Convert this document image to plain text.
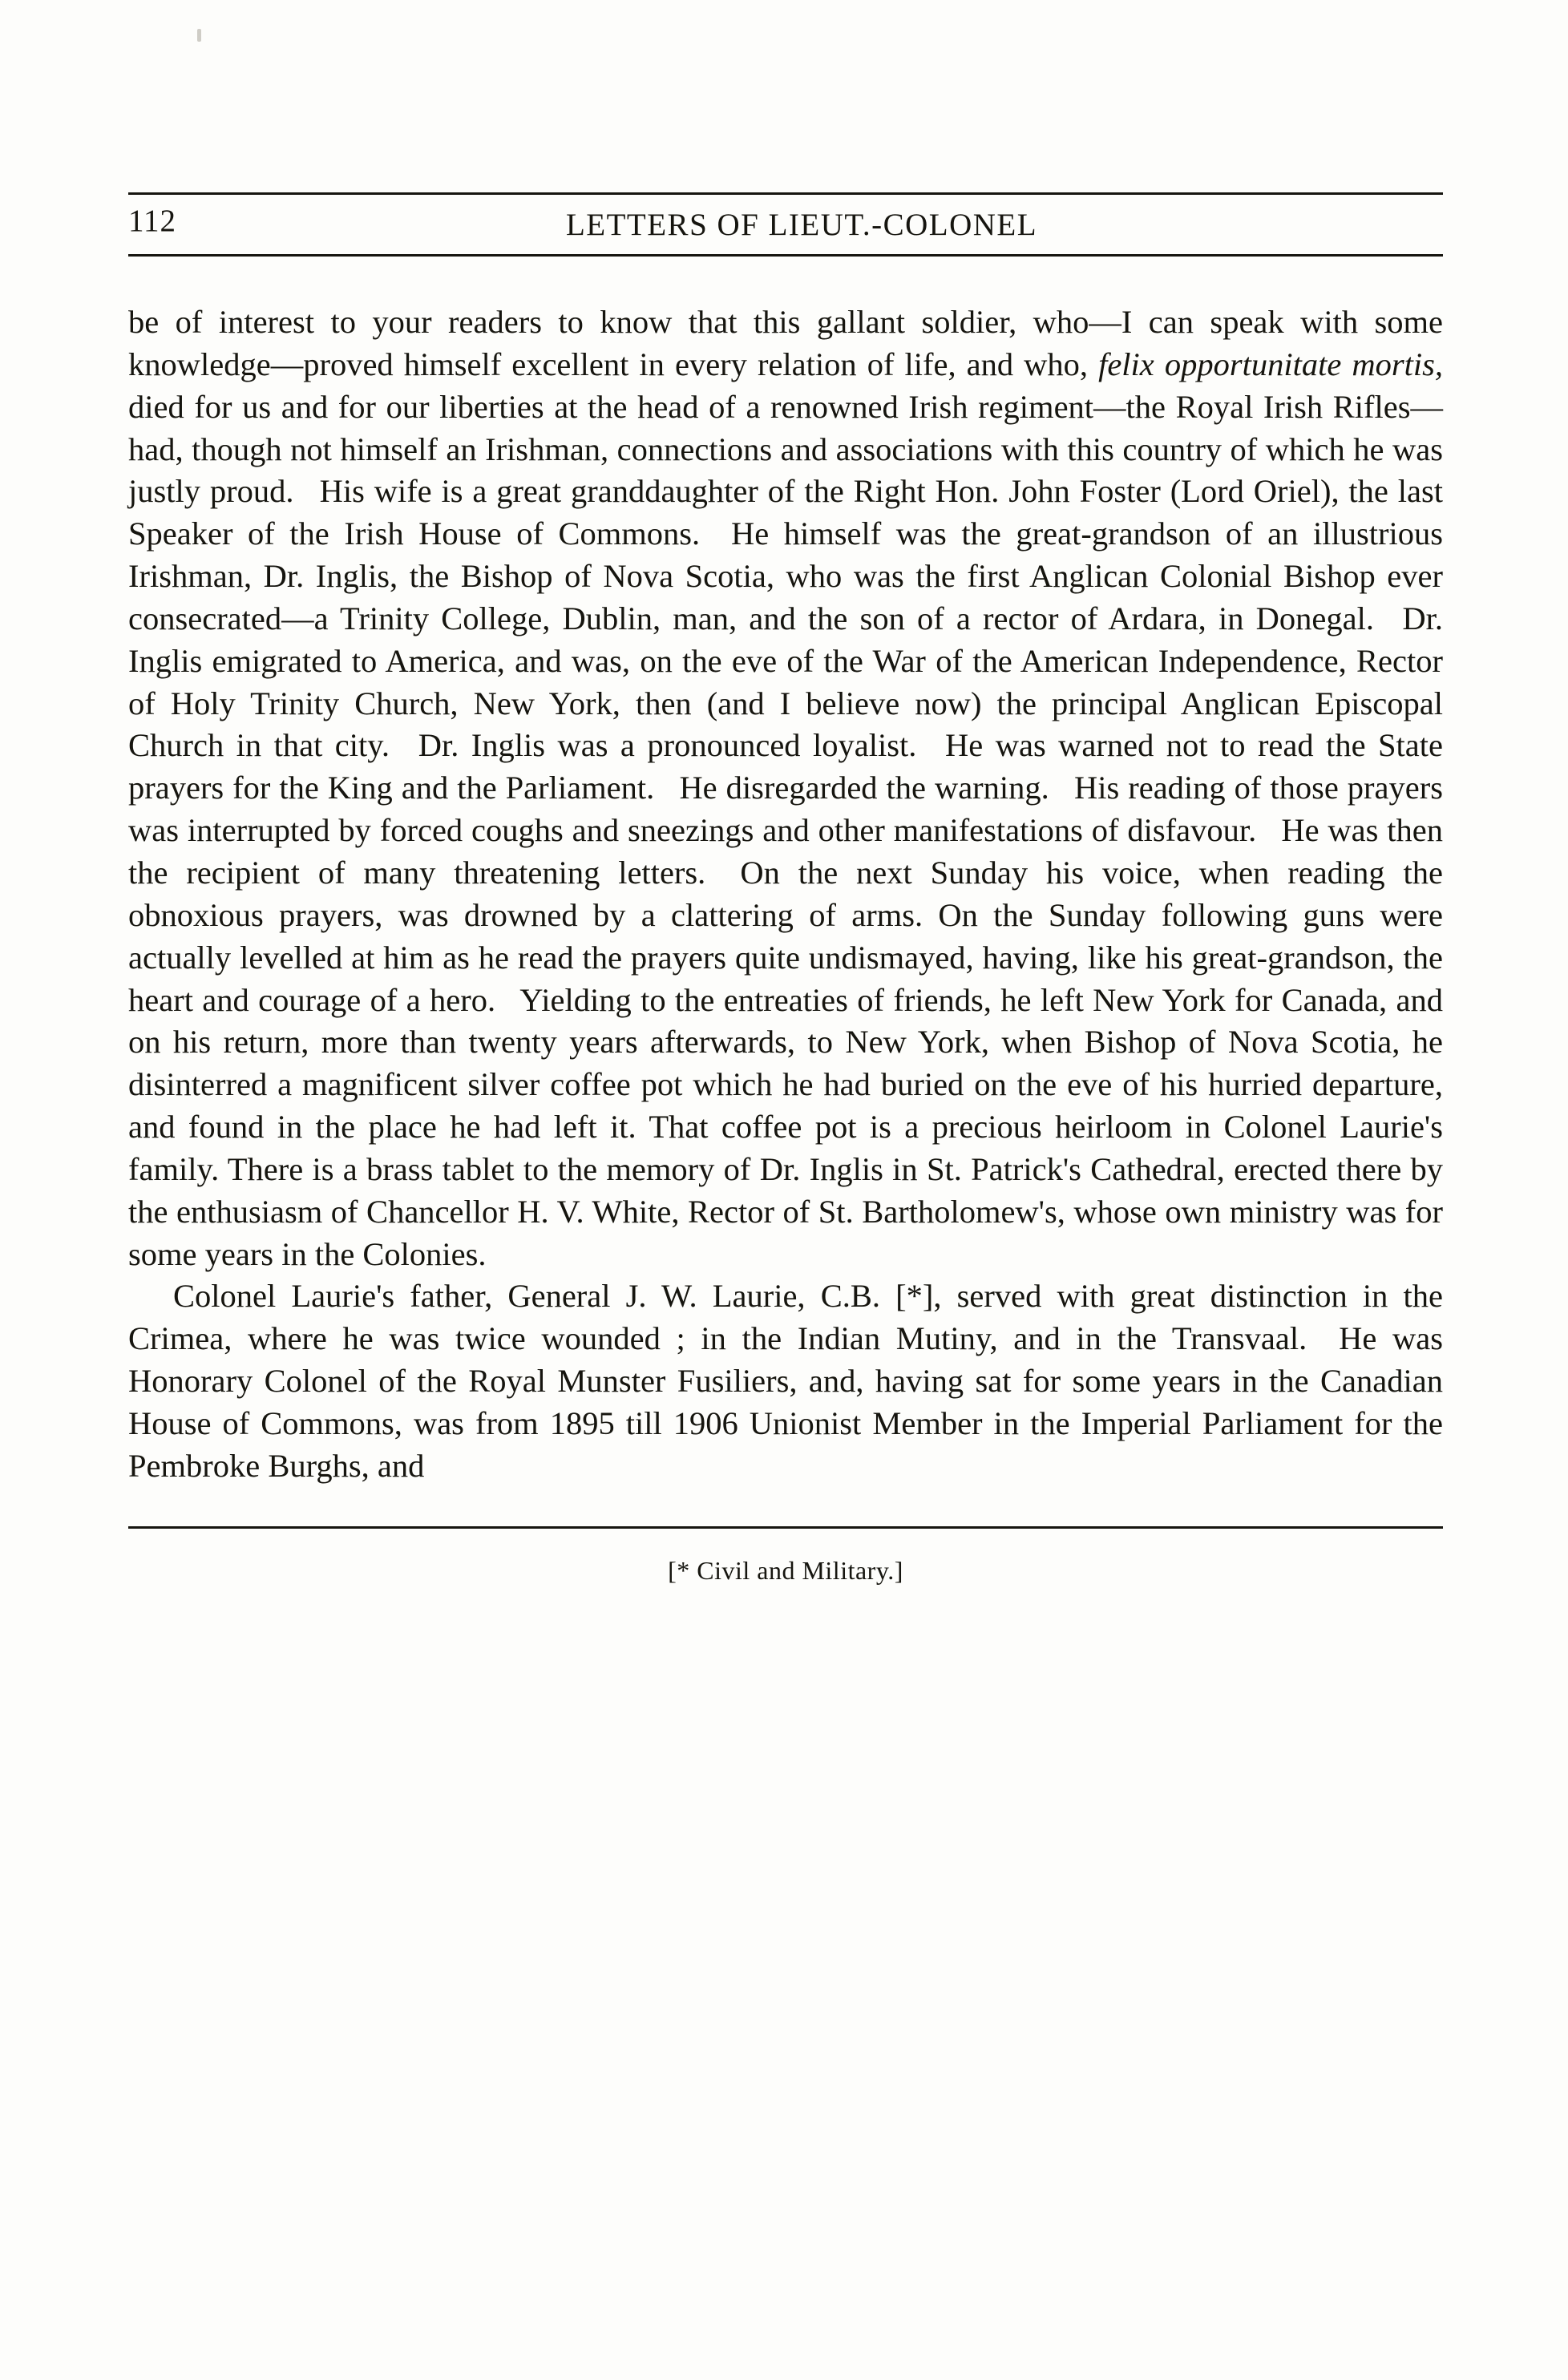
112	LETTERS OF LIEUT.-COLONEL

be of interest to your readers to know that this gallant soldier, who—I can speak with some knowledge—proved himself excellent in every relation of life, and who, felix opportunitate mortis, died for us and for our liberties at the head of a renowned Irish regiment—the Royal Irish Rifles—had, though not himself an Irishman, connections and associations with this country of which he was justly proud.  His wife is a great granddaughter of the Right Hon. John Foster (Lord Oriel), the last Speaker of the Irish House of Commons.  He himself was the great-grandson of an illustrious Irishman, Dr. Inglis, the Bishop of Nova Scotia, who was the first Anglican Colonial Bishop ever consecrated—a Trinity College, Dublin, man, and the son of a rector of Ardara, in Donegal.  Dr. Inglis emigrated to America, and was, on the eve of the War of the American Independence, Rector of Holy Trinity Church, New York, then (and I believe now) the principal Anglican Episcopal Church in that city.  Dr. Inglis was a pronounced loyalist.  He was warned not to read the State prayers for the King and the Parliament.  He disregarded the warning.  His reading of those prayers was interrupted by forced coughs and sneezings and other manifestations of disfavour.  He was then the recipient of many threatening letters.  On the next Sunday his voice, when reading the obnoxious prayers, was drowned by a clattering of arms. On the Sunday following guns were actually levelled at him as he read the prayers quite undismayed, having, like his great-grandson, the heart and courage of a hero.  Yielding to the entreaties of friends, he left New York for Canada, and on his return, more than twenty years afterwards, to New York, when Bishop of Nova Scotia, he disinterred a magnificent silver coffee pot which he had buried on the eve of his hurried departure, and found in the place he had left it. That coffee pot is a precious heirloom in Colonel Laurie's family. There is a brass tablet to the memory of Dr. Inglis in St. Patrick's Cathedral, erected there by the enthusiasm of Chancellor H. V. White, Rector of St. Bartholomew's, whose own ministry was for some years in the Colonies.

Colonel Laurie's father, General J. W. Laurie, C.B. [*], served with great distinction in the Crimea, where he was twice wounded ; in the Indian Mutiny, and in the Transvaal.  He was Honorary Colonel of the Royal Munster Fusiliers, and, having sat for some years in the Canadian House of Commons, was from 1895 till 1906 Unionist Member in the Imperial Parliament for the Pembroke Burghs, and

[* Civil and Military.]
